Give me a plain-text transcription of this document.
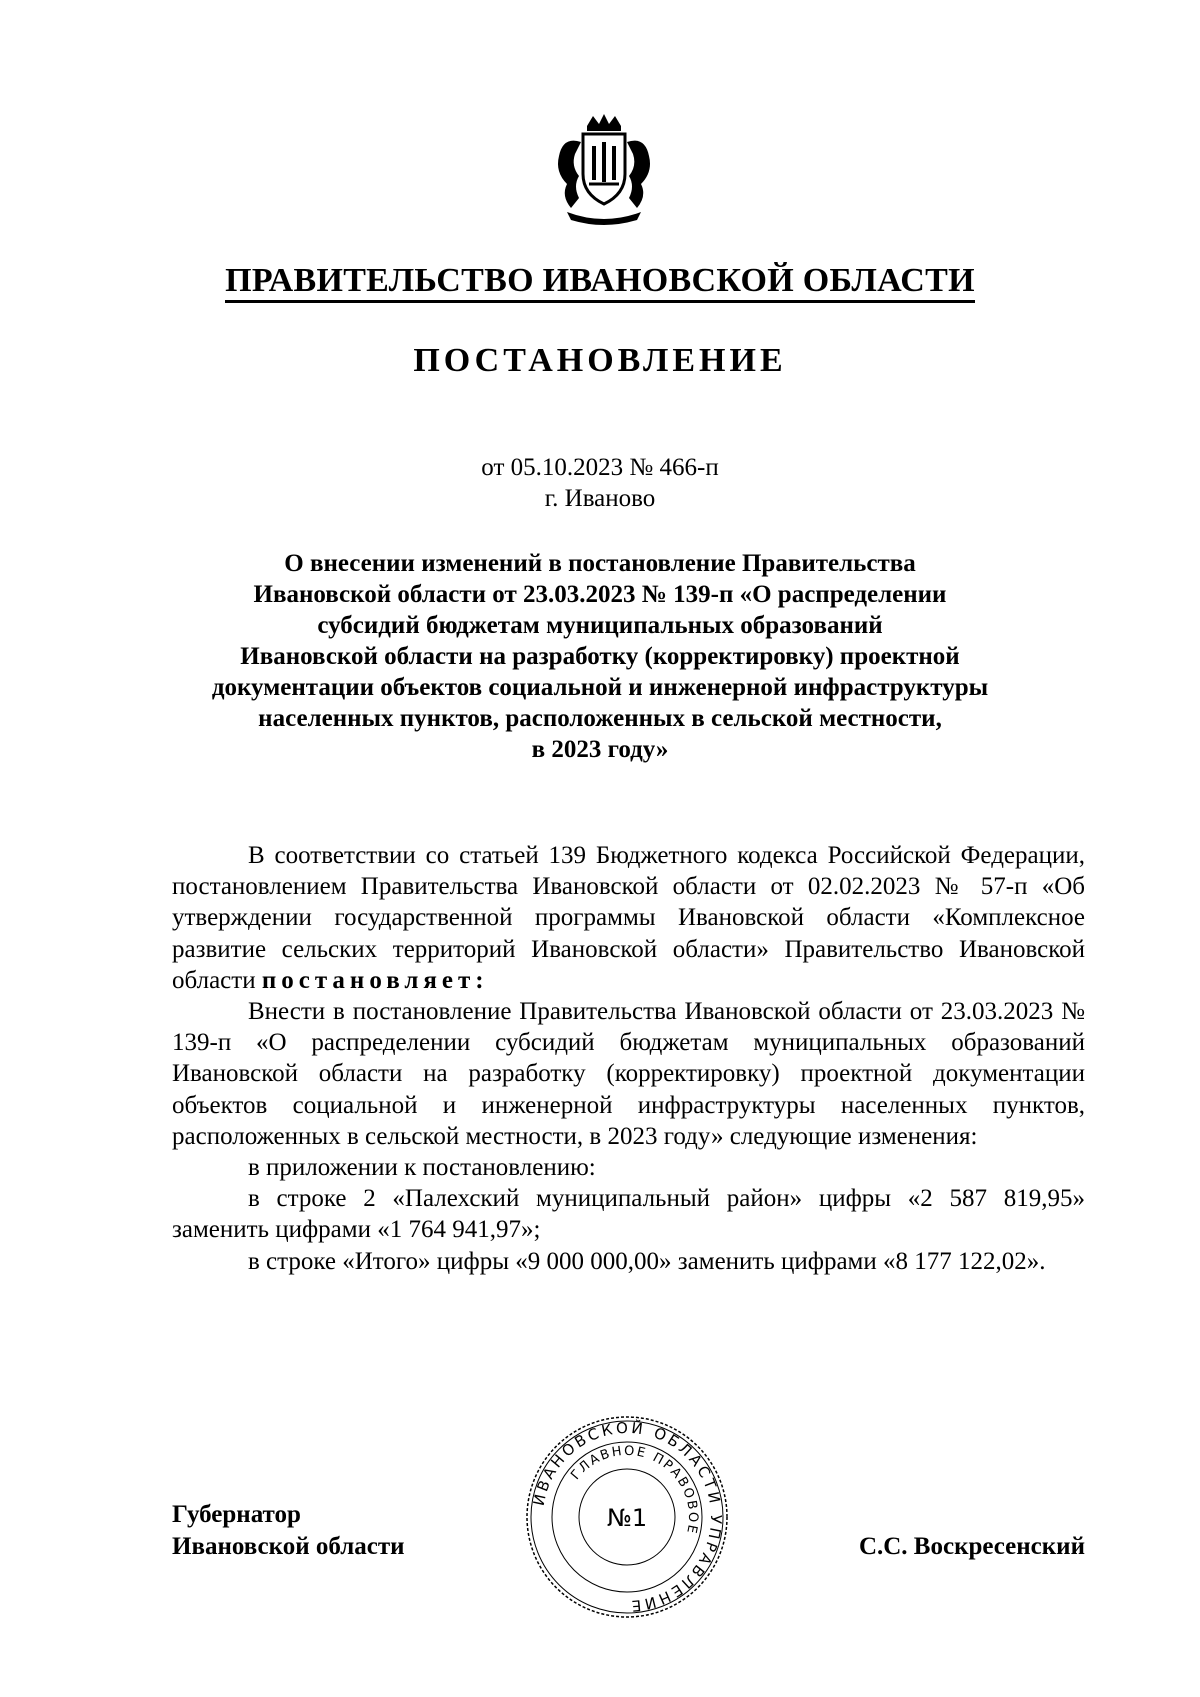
ПРАВИТЕЛЬСТВО ИВАНОВСКОЙ ОБЛАСТИ
ПОСТАНОВЛЕНИЕ
от 05.10.2023 № 466-п
г. Иваново
О внесении изменений в постановление Правительства
Ивановской области от 23.03.2023 № 139-п «О распределении
субсидий бюджетам муниципальных образований
Ивановской области на разработку (корректировку) проектной
документации объектов социальной и инженерной инфраструктуры
населенных пунктов, расположенных в сельской местности,
в 2023 году»

В соответствии со статьей 139 Бюджетного кодекса Российской Федерации, постановлением Правительства Ивановской области от 02.02.2023 № 57-п «Об утверждении государственной программы Ивановской области «Комплексное развитие сельских территорий Ивановской области» Правительство Ивановской области постановляет:

Внести в постановление Правительства Ивановской области от 23.03.2023 № 139-п «О распределении субсидий бюджетам муниципальных образований Ивановской области на разработку (корректировку) проектной документации объектов социальной и инженерной инфраструктуры населенных пунктов, расположенных в сельской местности, в 2023 году» следующие изменения:

в приложении к постановлению:

в строке 2 «Палехский муниципальный район» цифры «2 587 819,95» заменить цифрами «1 764 941,97»;

в строке «Итого» цифры «9 000 000,00» заменить цифрами «8 177 122,02».

Губернатор
Ивановской области	С.С. Воскресенский
ИВАНОВСКОЙ ОБЛАСТИ УПРАВЛЕНИЕ
ГЛАВНОЕ ПРАВОВОЕ
№1
